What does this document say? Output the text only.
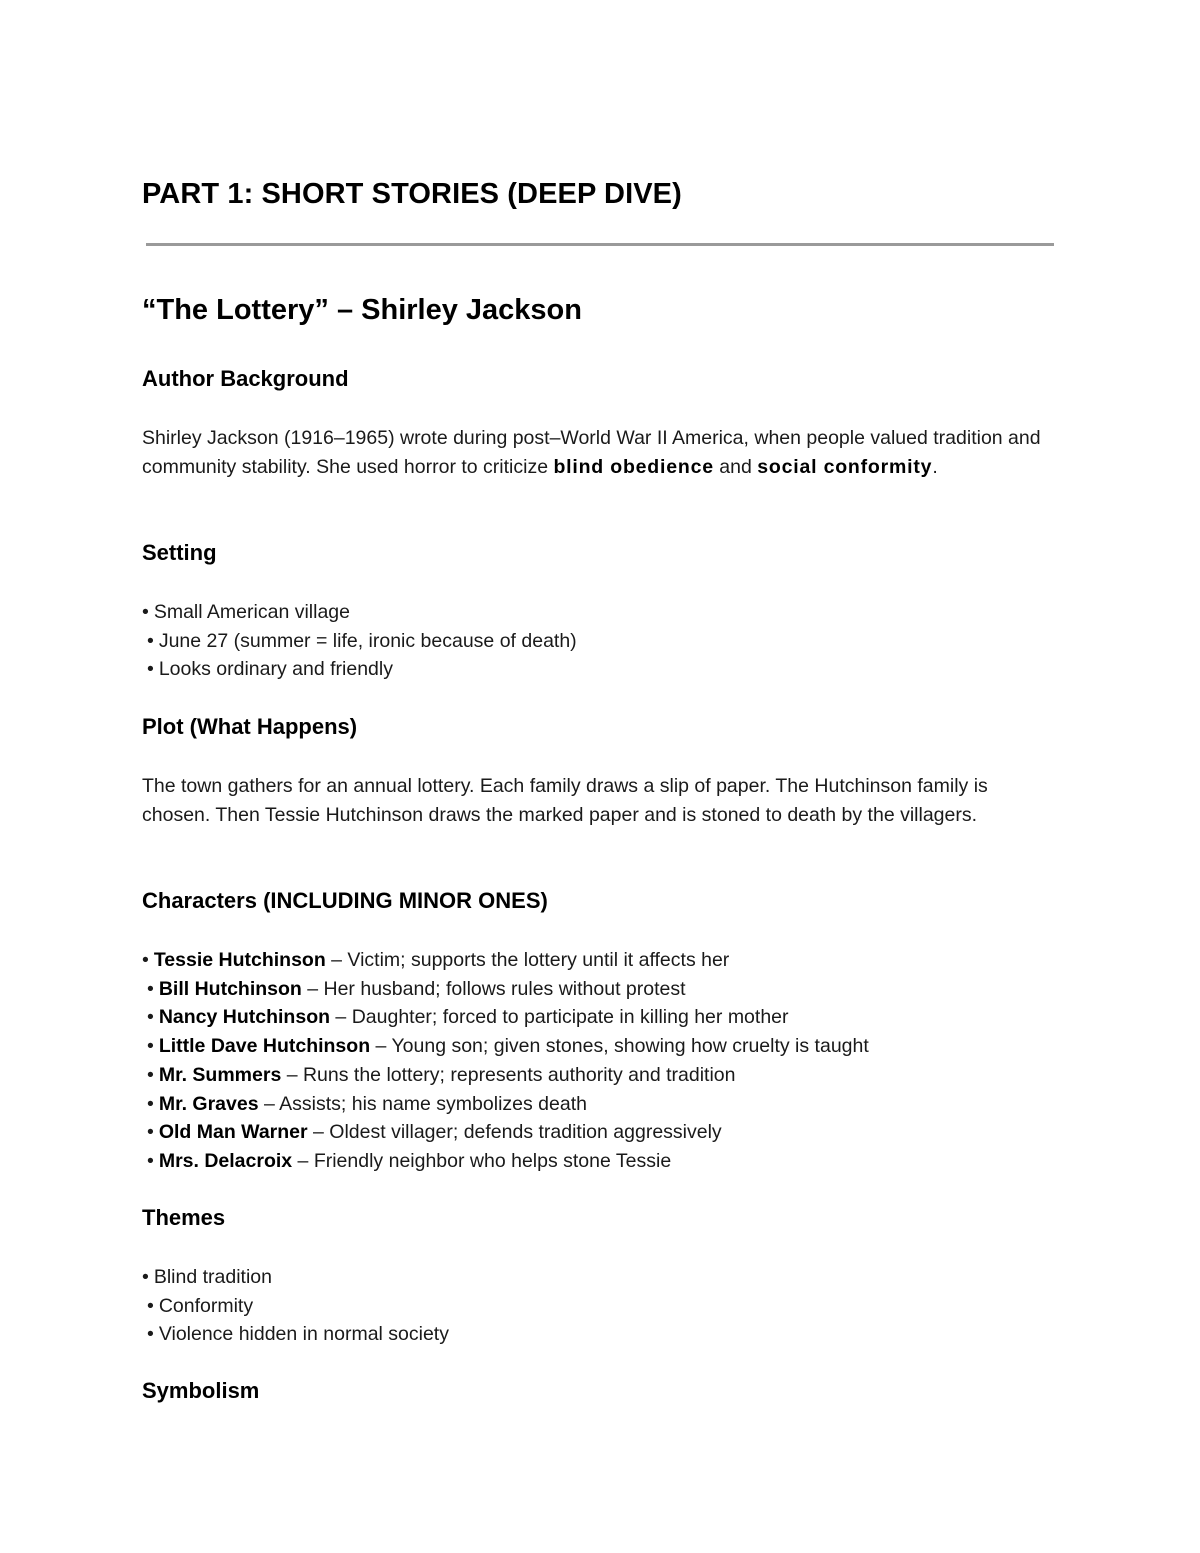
PART 1: SHORT STORIES (DEEP DIVE)
“The Lottery” – Shirley Jackson
Author Background

Shirley Jackson (1916–1965) wrote during post–World War II America, when people valued tradition and community stability. She used horror to criticize blind obedience and social conformity.

Setting
• Small American village
• June 27 (summer = life, ironic because of death)
• Looks ordinary and friendly
Plot (What Happens)

The town gathers for an annual lottery. Each family draws a slip of paper. The Hutchinson family is chosen. Then Tessie Hutchinson draws the marked paper and is stoned to death by the villagers.

Characters (INCLUDING MINOR ONES)
• Tessie Hutchinson – Victim; supports the lottery until it affects her
• Bill Hutchinson – Her husband; follows rules without protest
• Nancy Hutchinson – Daughter; forced to participate in killing her mother
• Little Dave Hutchinson – Young son; given stones, showing how cruelty is taught
• Mr. Summers – Runs the lottery; represents authority and tradition
• Mr. Graves – Assists; his name symbolizes death
• Old Man Warner – Oldest villager; defends tradition aggressively
• Mrs. Delacroix – Friendly neighbor who helps stone Tessie
Themes
• Blind tradition
• Conformity
• Violence hidden in normal society
Symbolism
